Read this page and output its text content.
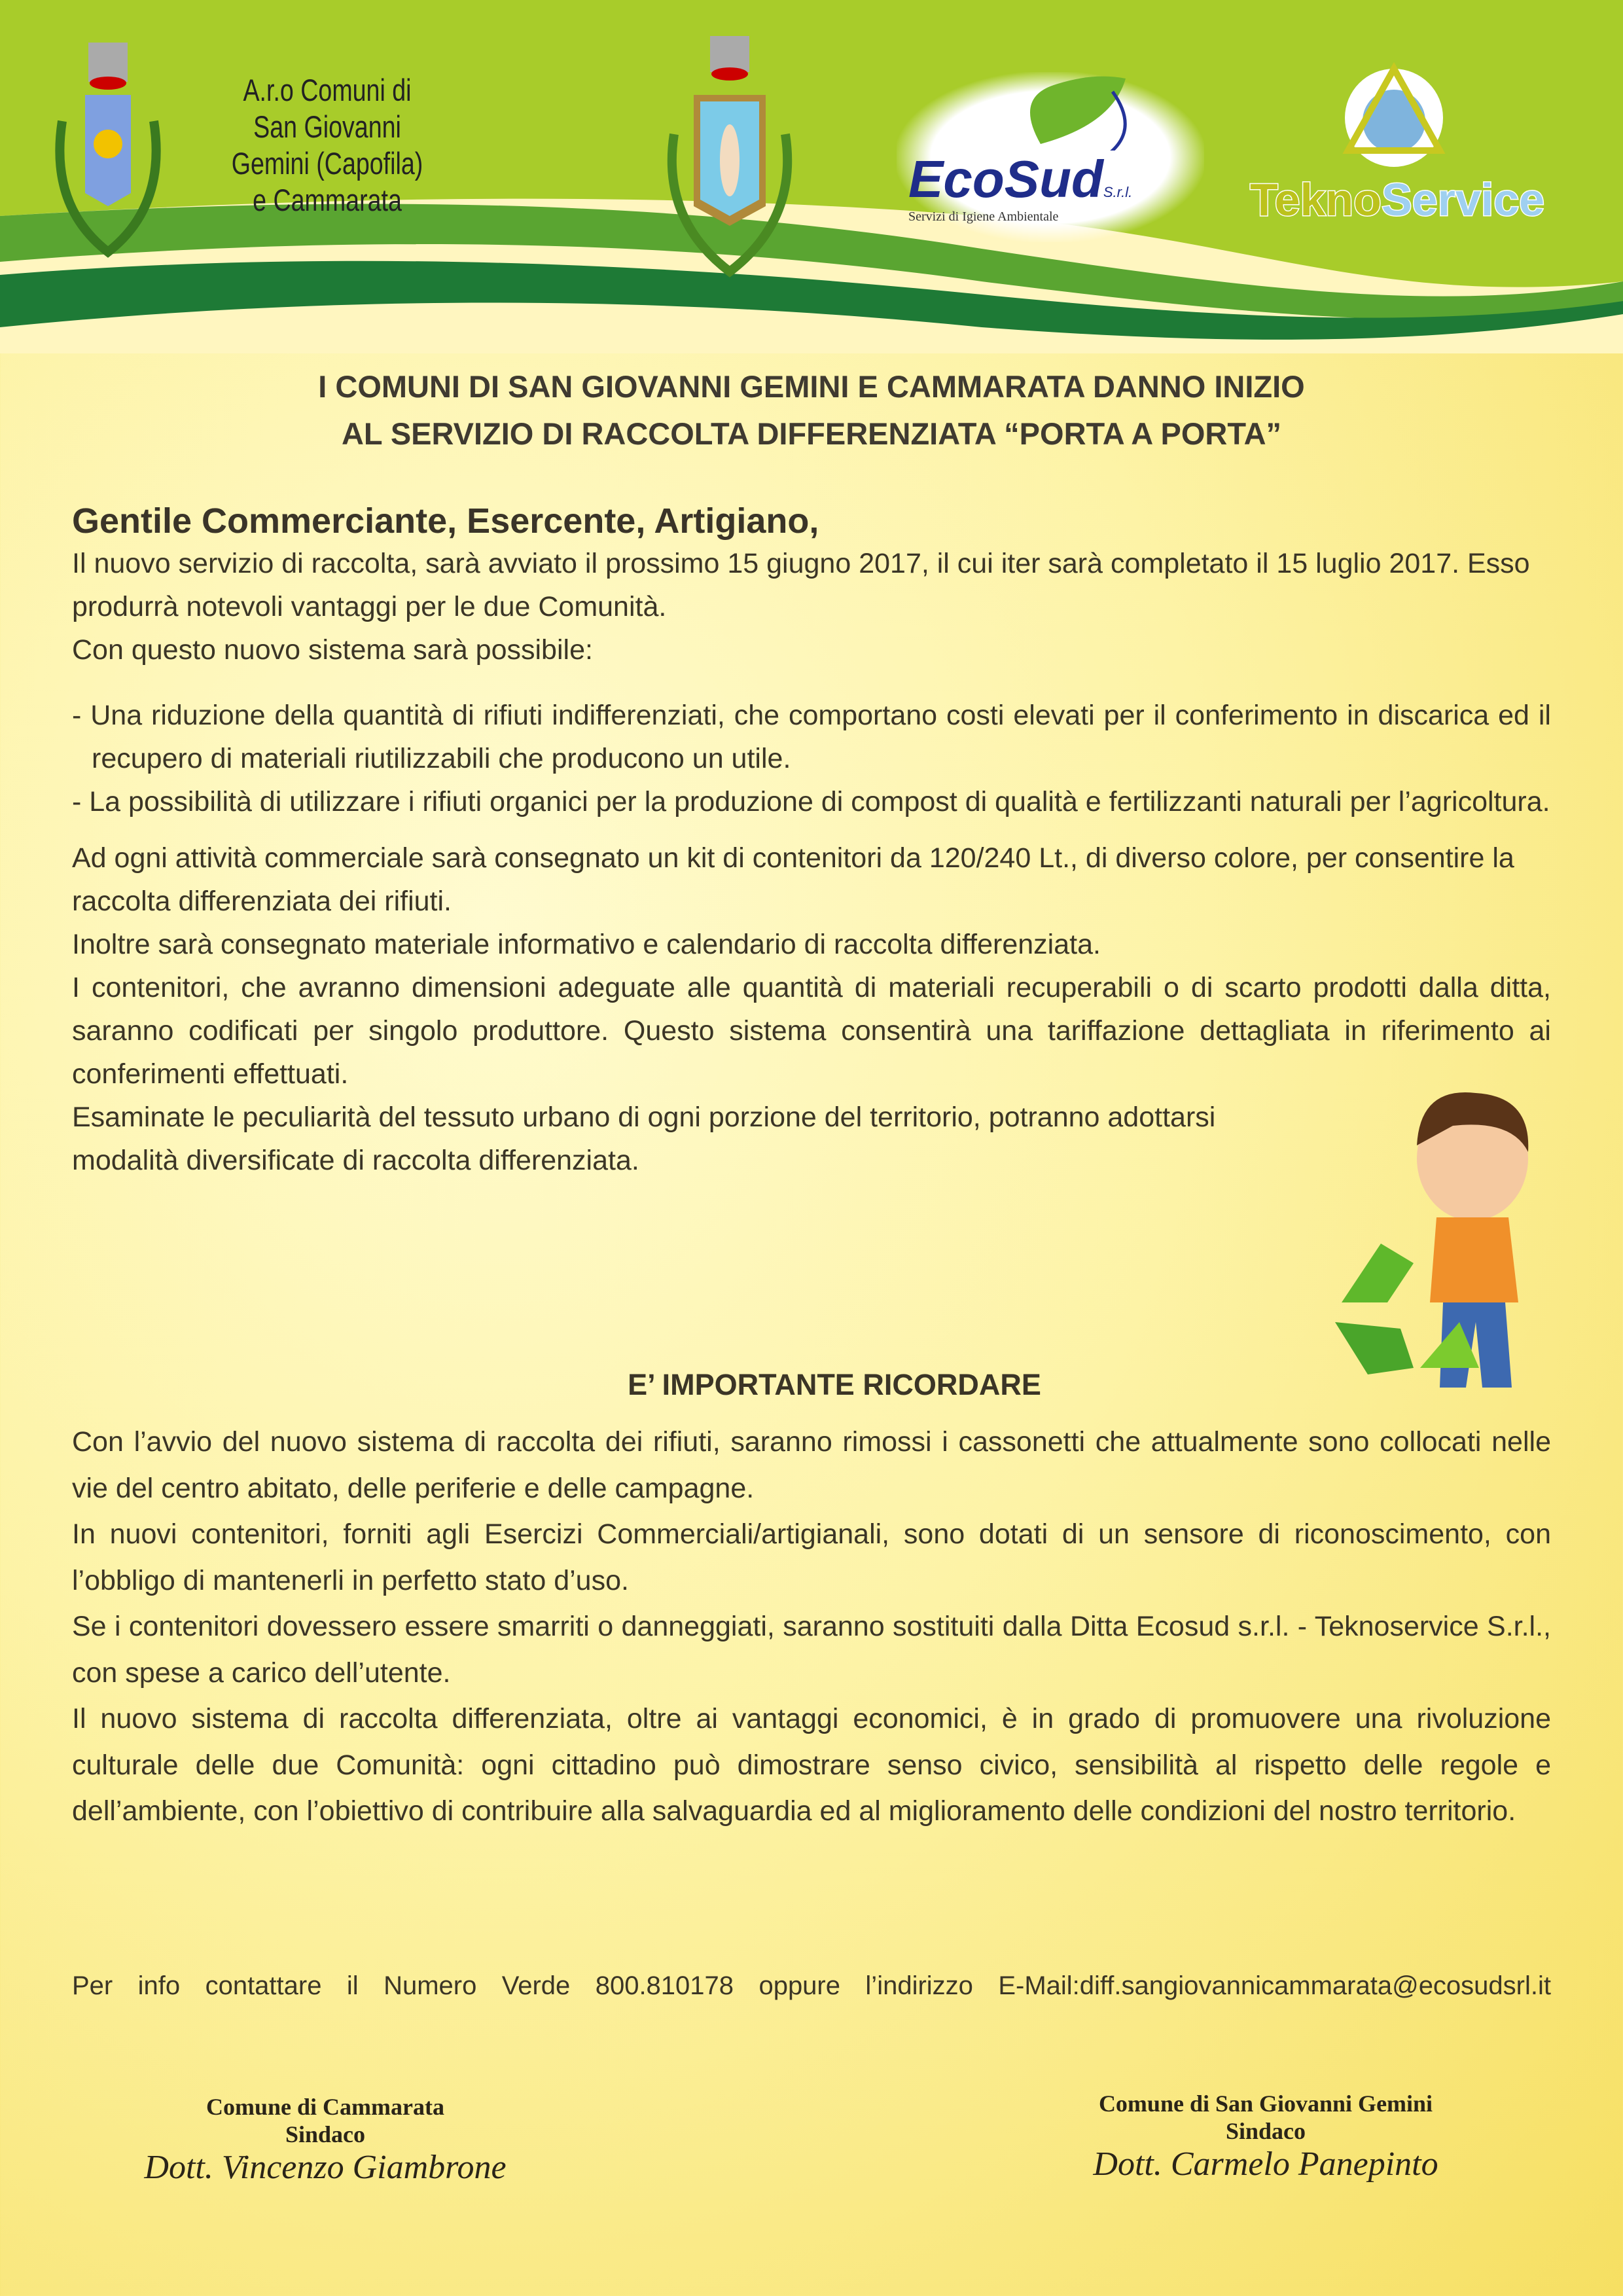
A.r.o Comuni di
San Giovanni Gemini (Capofila)
e Cammarata	EcoSudS.r.l.
Servizi di Igiene Ambientale	TeknoService
I COMUNI DI SAN GIOVANNI GEMINI E CAMMARATA DANNO INIZIO
AL SERVIZIO DI RACCOLTA DIFFERENZIATA “PORTA A PORTA”
Gentile Commerciante, Esercente, Artigiano,

Il nuovo servizio di raccolta, sarà avviato il prossimo 15 giugno 2017, il cui iter sarà completato il 15 luglio 2017. Esso produrrà notevoli vantaggi per le due Comunità.

Con questo nuovo sistema sarà possibile:

- Una riduzione della quantità di rifiuti indifferenziati, che comportano costi elevati per il conferimento in discarica ed il recupero di materiali riutilizzabili che producono un utile.

- La possibilità di utilizzare i rifiuti organici per la produzione di compost di qualità e fertilizzanti naturali per l’agricoltura.

Ad ogni attività commerciale sarà consegnato un kit di contenitori da 120/240 Lt., di diverso colore, per consentire la raccolta differenziata dei rifiuti.

Inoltre sarà consegnato materiale informativo e calendario di raccolta differenziata.

I contenitori, che avranno dimensioni adeguate alle quantità di materiali recuperabili o di scarto prodotti dalla ditta, saranno codificati per singolo produttore. Questo sistema consentirà una tariffazione dettagliata in riferimento ai conferimenti effettuati.

Esaminate le peculiarità del tessuto urbano di ogni porzione del territorio, potranno adottarsi modalità diversificate di raccolta differenziata.

E’ IMPORTANTE RICORDARE

Con l’avvio del nuovo sistema di raccolta dei rifiuti, saranno rimossi i cassonetti che attualmente sono collocati nelle vie del centro abitato, delle periferie e delle campagne.

In nuovi contenitori, forniti agli Esercizi Commerciali/artigianali, sono dotati di un sensore di riconoscimento, con l’obbligo di mantenerli in perfetto stato d’uso.

Se i contenitori dovessero essere smarriti o danneggiati, saranno sostituiti dalla Ditta Ecosud s.r.l. - Teknoservice S.r.l., con spese a carico dell’utente.

Il nuovo sistema di raccolta differenziata, oltre ai vantaggi economici, è in grado di promuovere una rivoluzione culturale delle due Comunità: ogni cittadino può dimostrare senso civico, sensibilità al rispetto delle regole e dell’ambiente, con l’obiettivo di contribuire alla salvaguardia ed al miglioramento delle condizioni del nostro territorio.

Per info contattare il Numero Verde 800.810178 oppure l’indirizzo E-Mail:diff.sangiovannicammarata@ecosudsrl.it
Comune di Cammarata
Sindaco
Dott. Vincenzo Giambrone
Comune di San Giovanni Gemini
Sindaco
Dott. Carmelo Panepinto
